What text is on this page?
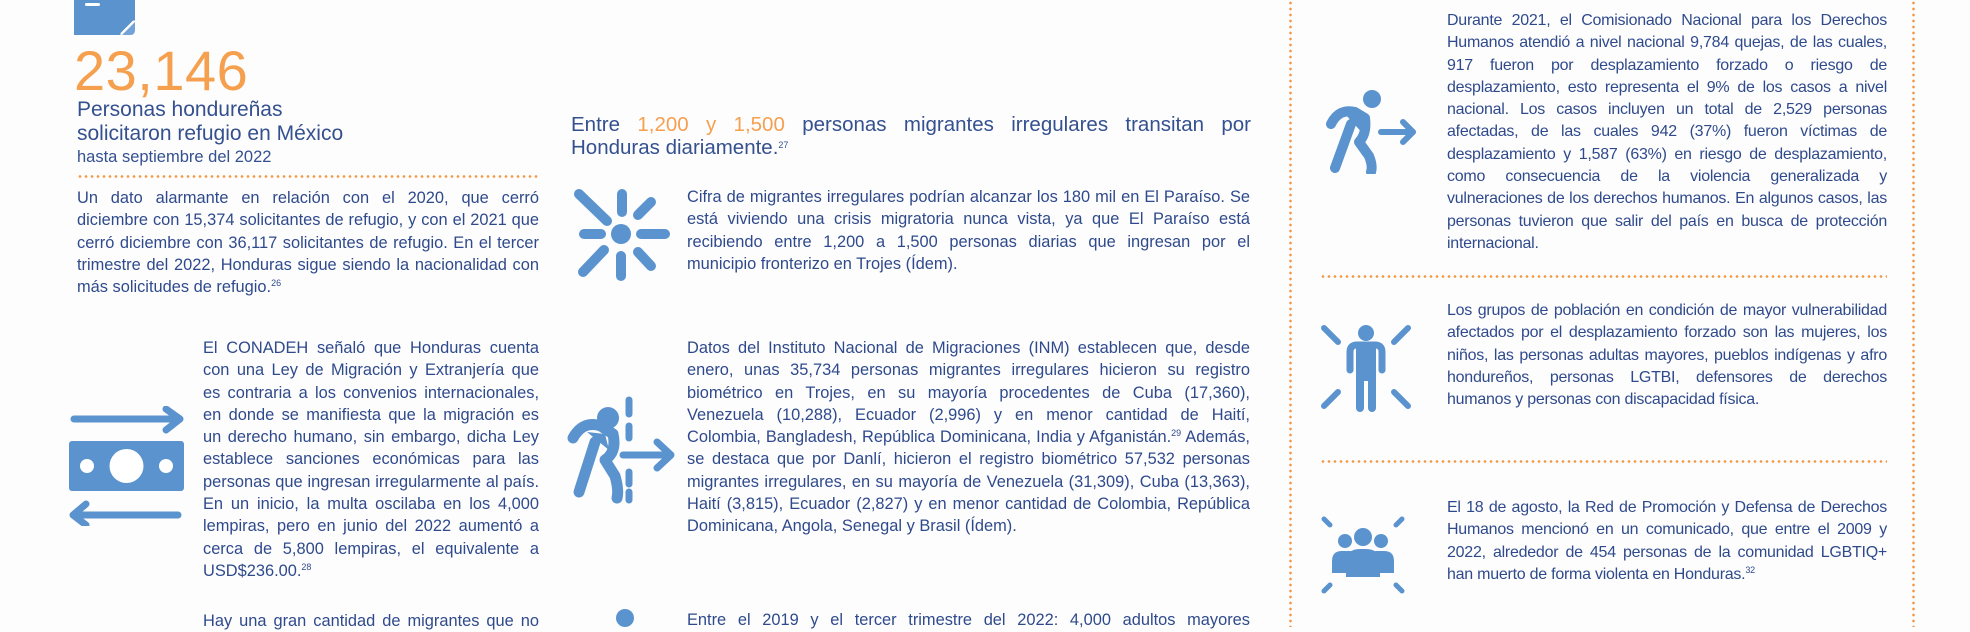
23,146
Personas hondureñas
solicitaron refugio en México
hasta septiembre del 2022
Un dato alarmante en relación con el 2020, que cerró diciembre con 15,374 solicitantes de refugio, y con el 2021 que cerró diciembre con 36,117 solicitantes de refugio. En el tercer trimestre del 2022, Honduras sigue siendo la nacionalidad con más solicitudes de refugio.$^{26}$
El CONADEH señaló que Honduras cuenta con una Ley de Migración y Extranjería que es contraria a los convenios internacionales, en donde se manifiesta que la migración es un derecho humano, sin embargo, dicha Ley establece sanciones económicas para las personas que ingresan irregularmente al país. En un inicio, la multa oscilaba en los 4,000 lempiras, pero en junio del 2022 aumentó a cerca de 5,800 lempiras, el equivalente a USD$236.00.28
Hay una gran cantidad de migrantes que no
Entre 1,200 y 1,500 personas migrantes irregulares transitan por Honduras diariamente.$^{27}$
Cifra de migrantes irregulares podrían alcanzar los 180 mil en El Paraíso. Se está viviendo una crisis migratoria nunca vista, ya que El Paraíso está recibiendo entre 1,200 a 1,500 personas diarias que ingresan por el municipio fronterizo en Trojes (Ídem).
Datos del Instituto Nacional de Migraciones (INM) establecen que, desde enero, unas 35,734 personas migrantes irregulares hicieron su registro biométrico en Trojes, en su mayoría procedentes de Cuba (17,360), Venezuela (10,288), Ecuador (2,996) y en menor cantidad de Haití, Colombia, Bangladesh, República Dominicana, India y Afganistán.$^{29}$ Además, se destaca que por Danlí, hicieron el registro biométrico 57,532 personas migrantes irregulares, en su mayoría de Venezuela (31,309), Cuba (13,363), Haití (3,815), Ecuador (2,827) y en menor cantidad de Colombia, República Dominicana, Angola, Senegal y Brasil (Ídem).
Entre el 2019 y el tercer trimestre del 2022: 4,000 adultos mayores
Durante 2021, el Comisionado Nacional para los Derechos Humanos atendió a nivel nacional 9,784 quejas, de las cuales, 917 fueron por desplazamiento forzado o riesgo de desplazamiento, esto representa el 9% de los casos a nivel nacional. Los casos incluyen un total de 2,529 personas afectadas, de las cuales 942 (37%) fueron víctimas de desplazamiento y 1,587 (63%) en riesgo de desplazamiento, como consecuencia de la violencia generalizada y vulneraciones de los derechos humanos. En algunos casos, las personas tuvieron que salir del país en busca de protección internacional.
Los grupos de población en condición de mayor vulnerabilidad afectados por el desplazamiento forzado son las mujeres, los niños, las personas adultas mayores, pueblos indígenas y afro hondureños, personas LGTBI, defensores de derechos humanos y personas con discapacidad física.
El 18 de agosto, la Red de Promoción y Defensa de Derechos Humanos mencionó en un comunicado, que entre el 2009 y 2022, alrededor de 454 personas de la comunidad LGBTIQ+ han muerto de forma violenta en Honduras.$^{32}$
